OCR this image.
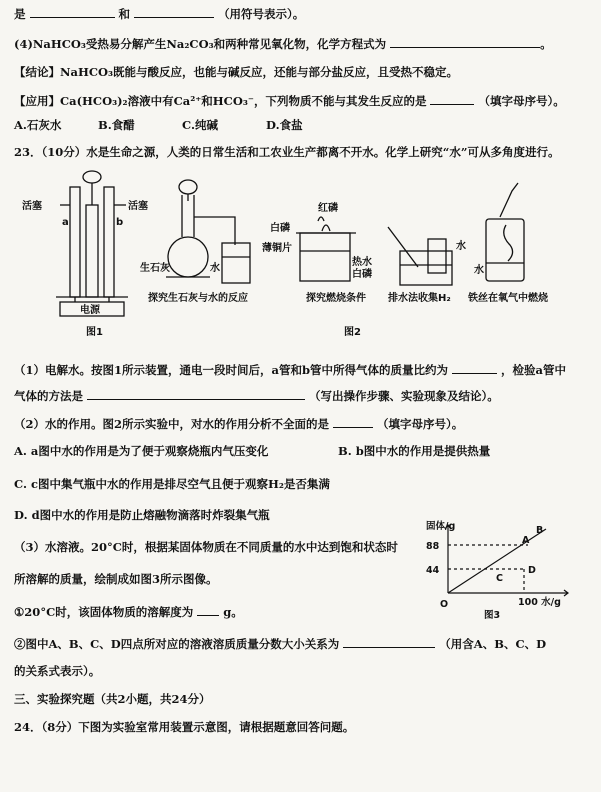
是	和	（用符号表示）。
(4)NaHCO₃受热易分解产生Na₂CO₃和两种常见氧化物，化学方程式为	。
【结论】NaHCO₃既能与酸反应，也能与碱反应，还能与部分盐反应，且受热不稳定。
【应用】Ca(HCO₃)₂溶液中有Ca²⁺和HCO₃⁻，下列物质不能与其发生反应的是	（填字母序号）。
A.石灰水	B.食醋	C.纯碱	D.食盐
23．（10分）水是生命之源，人类的日常生活和工农业生产都离不开水。化学上研究“水”可从多角度进行。
活塞	活塞
a	b
电源
图1
生石灰	水
探究生石灰与水的反应
红磷
白磷
薄铜片
热水
白磷
探究燃烧条件
水
排水法收集H₂
水
铁丝在氧气中燃烧
图2
（1）电解水。按图1所示装置，通电一段时间后，a管和b管中所得气体的质量比约为	，检验a管中
气体的方法是	（写出操作步骤、实验现象及结论）。
（2）水的作用。图2所示实验中，对水的作用分析不全面的是	（填字母序号）。
A. a图中水的作用是为了便于观察烧瓶内气压变化	B. b图中水的作用是提供热量
C. c图中集气瓶中水的作用是排尽空气且便于观察H₂是否集满
D. d图中水的作用是防止熔融物滴落时炸裂集气瓶
（3）水溶液。20°C时，根据某固体物质在不同质量的水中达到饱和状态时
所溶解的质量，绘制成如图3所示图像。
①20°C时，该固体物质的溶解度为	g。
固体/g
88
44
O	100 水/g
A
B
C
D
图3
②图中A、B、C、D四点所对应的溶液溶质质量分数大小关系为	（用含A、B、C、D
的关系式表示）。
三、实验探究题（共2小题，共24分）
24．（8分）下图为实验室常用装置示意图，请根据题意回答问题。
